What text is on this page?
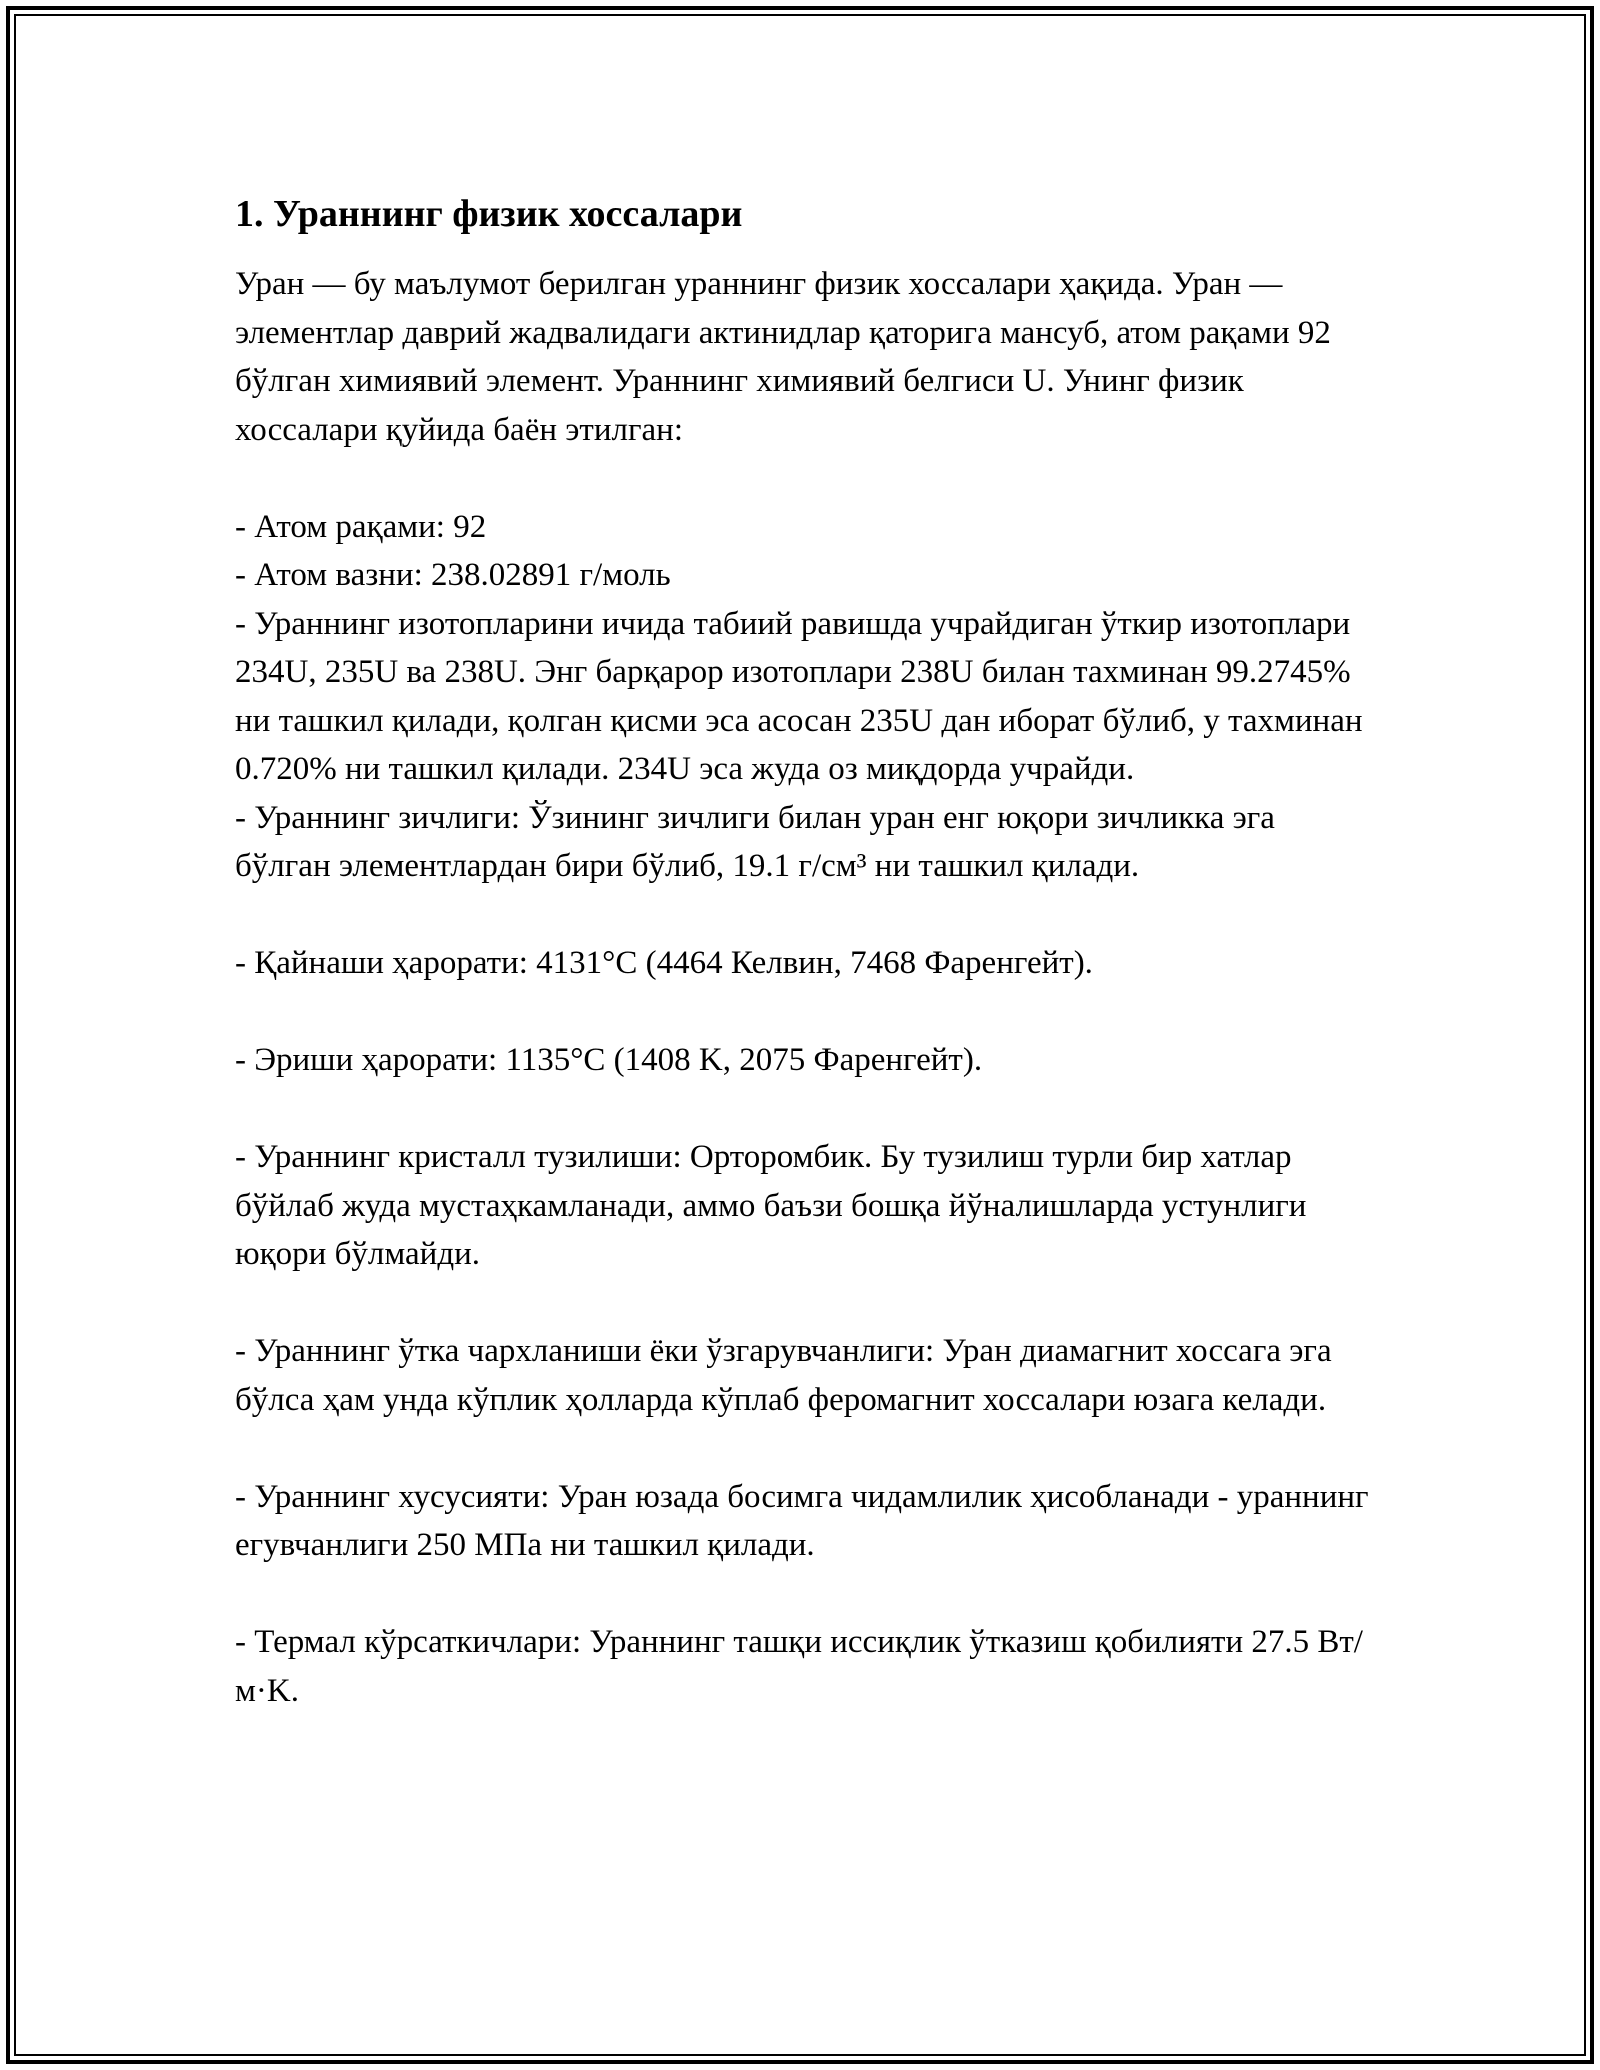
1. Ураннинг физик хоссалари

Уран — бу маълумот берилган ураннинг физик хоссалари ҳақида. Уран — элементлар даврий жадвалидаги актинидлар қаторига мансуб, атом рақами 92 бўлган химиявий элемент. Ураннинг химиявий белгиси U. Унинг физик хоссалари қуйида баён этилган:

- Атом рақами: 92

- Атом вазни: 238.02891 г/моль

- Ураннинг изотопларини ичида табиий равишда учрайдиган ўткир изотоплари 234U, 235U ва 238U. Энг барқарор изотоплари 238U билан тахминан 99.2745% ни ташкил қилади, қолган қисми эса асосан 235U дан иборат бўлиб, у тахминан 0.720% ни ташкил қилади. 234U эса жуда оз миқдорда учрайди.

- Ураннинг зичлиги: Ўзининг зичлиги билан уран енг юқори зичликка эга бўлган элементлардан бири бўлиб, 19.1 г/см³ ни ташкил қилади.

- Қайнаши ҳарорати: 4131°C (4464 Келвин, 7468 Фаренгейт).

- Эриши ҳарорати: 1135°C (1408 K, 2075 Фаренгейт).

- Ураннинг кристалл тузилиши: Орторомбик. Бу тузилиш турли бир хатлар бўйлаб жуда мустаҳкамланади, аммо баъзи бошқа йўналишларда устунлиги юқори бўлмайди.

- Ураннинг ўтка чархланиши ёки ўзгарувчанлиги: Уран диамагнит хоссага эга бўлса ҳам унда кўплик ҳолларда кўплаб феромагнит хоссалари юзага келади.

- Ураннинг хусусияти: Уран юзада босимга чидамлилик ҳисобланади - ураннинг егувчанлиги 250 МПа ни ташкил қилади.

- Термал кўрсаткичлари: Ураннинг ташқи иссиқлик ўтказиш қобилияти 27.5 Вт/м·K.
